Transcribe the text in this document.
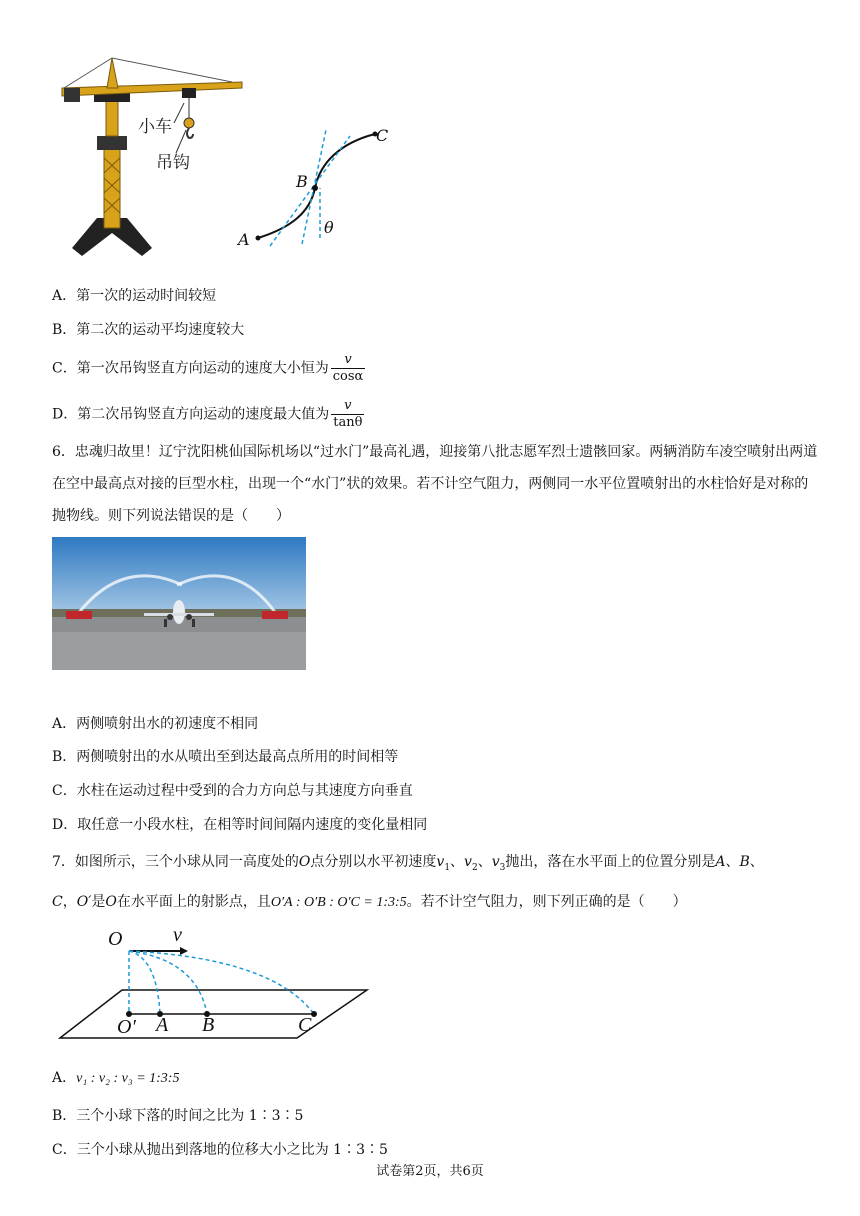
小车
吊钩
A
B
C
θ
A．第一次的运动时间较短
B．第二次的运动平均速度较大
C．第一次吊钩竖直方向运动的速度大小恒为 $\frac{v}{\cos\alpha}$
D．第二次吊钩竖直方向运动的速度最大值为 $\frac{v}{\tan\theta}$
6．忠魂归故里！辽宁沈阳桃仙国际机场以“过水门”最高礼遇，迎接第八批志愿军烈士遗骸回家。两辆消防车凌空喷射出两道在空中最高点对接的巨型水柱，出现一个“水门”状的效果。若不计空气阻力，两侧同一水平位置喷射出的水柱恰好是对称的抛物线。则下列说法错误的是（　　）
A．两侧喷射出水的初速度不相同
B．两侧喷射出的水从喷出至到达最高点所用的时间相等
C．水柱在运动过程中受到的合力方向总与其速度方向垂直
D．取任意一小段水柱，在相等时间间隔内速度的变化量相同
7．如图所示，三个小球从同一高度处的O点分别以水平初速度$v_1$、$v_2$、$v_3$抛出，落在水平面上的位置分别是A、B、
C，O′是O在水平面上的射影点，且O′A : O′B : O′C = 1:3:5。若不计空气阻力，则下列正确的是（　　）
O	v
O′ A B	C
A．v₁ : v₂ : v₃ = 1:3:5
B．三个小球下落的时间之比为 1∶3∶5
C．三个小球从抛出到落地的位移大小之比为 1∶3∶5
试卷第2页，共6页
